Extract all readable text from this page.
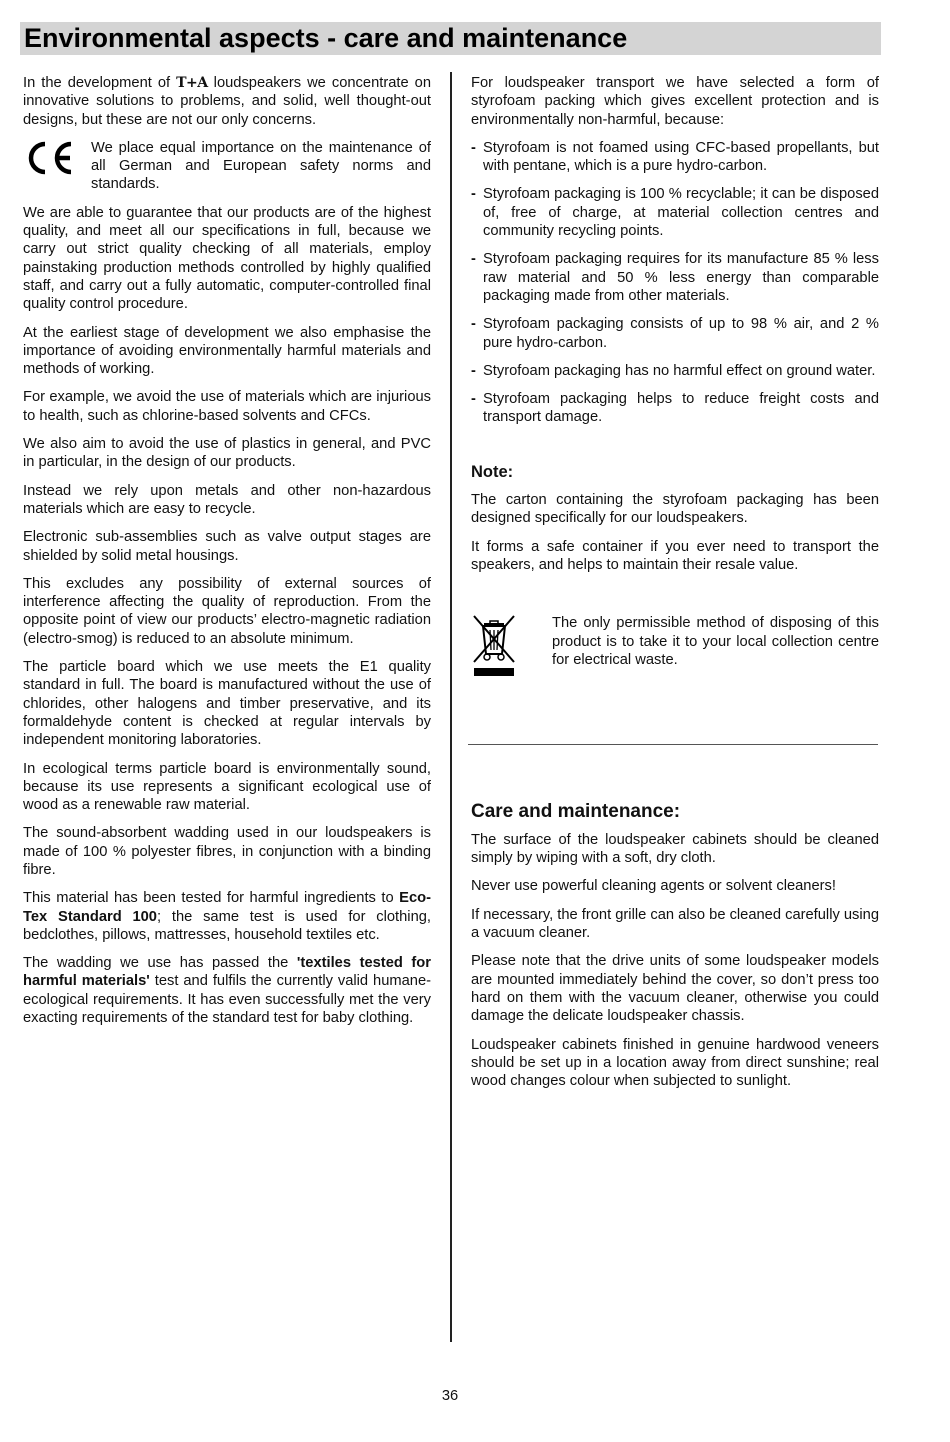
Environmental aspects - care and maintenance

In the development of T+A loudspeakers we concentrate on innovative solutions to problems, and solid, well thought-out designs, but these are not our only concerns.

We place equal importance on the maintenance of all German and European safety norms and standards.

We are able to guarantee that our products are of the highest quality, and meet all our specifications in full, because we carry out strict quality checking of all materials, employ painstaking production methods controlled by highly qualified staff, and carry out a fully automatic, computer-controlled final quality control procedure.

At the earliest stage of development we also emphasise the importance of avoiding environmentally harmful materials and methods of working.

For example, we avoid the use of materials which are injurious to health, such as chlorine-based solvents and CFCs.

We also aim to avoid the use of plastics in general, and PVC in particular, in the design of our products.

Instead we rely upon metals and other non-hazardous materials which are easy to recycle.

Electronic sub-assemblies such as valve output stages are shielded by solid metal housings.

This excludes any possibility of external sources of interference affecting the quality of reproduction. From the opposite point of view our products’ electro-magnetic radiation (electro-smog) is reduced to an absolute minimum.

The particle board which we use meets the E1 quality standard in full. The board is manufactured without the use of chlorides, other halogens and timber preservative, and its formaldehyde content is checked at regular intervals by independent monitoring laboratories.

In ecological terms particle board is environmentally sound, because its use represents a significant ecological use of wood as a renewable raw material.

The sound-absorbent wadding used in our loudspeakers is made of 100 % polyester fibres, in conjunction with a binding fibre.

This material has been tested for harmful ingredients to Eco-Tex Standard 100; the same test is used for clothing, bedclothes, pillows, mattresses, household textiles etc.

The wadding we use has passed the 'textiles tested for harmful materials' test and fulfils the currently valid humane-ecological requirements. It has even successfully met the very exacting requirements of the standard test for baby clothing.

For loudspeaker transport we have selected a form of styrofoam packing which gives excellent protection and is environmentally non-harmful, because:

- Styrofoam is not foamed using CFC-based propellants, but with pentane, which is a pure hydro-carbon.
- Styrofoam packaging is 100 % recyclable; it can be disposed of, free of charge, at material collection centres and community recycling points.
- Styrofoam packaging requires for its manufacture 85 % less raw material and 50 % less energy than comparable packaging made from other materials.
- Styrofoam packaging consists of up to 98 % air, and 2 % pure hydro-carbon.
- Styrofoam packaging has no harmful effect on ground water.
- Styrofoam packaging helps to reduce freight costs and transport damage.
Note:

The carton containing the styrofoam packaging has been designed specifically for our loudspeakers.

It forms a safe container if you ever need to transport the speakers, and helps to maintain their resale value.

The only permissible method of disposing of this product is to take it to your local collection centre for electrical waste.
Care and maintenance:

The surface of the loudspeaker cabinets should be cleaned simply by wiping with a soft, dry cloth.

Never use powerful cleaning agents or solvent cleaners!

If necessary, the front grille can also be cleaned carefully using a vacuum cleaner.

Please note that the drive units of some loudspeaker models are mounted immediately behind the cover, so don’t press too hard on them with the vacuum cleaner, otherwise you could damage the delicate loudspeaker chassis.

Loudspeaker cabinets finished in genuine hardwood veneers should be set up in a location away from direct sunshine; real wood changes colour when subjected to sunlight.

36
